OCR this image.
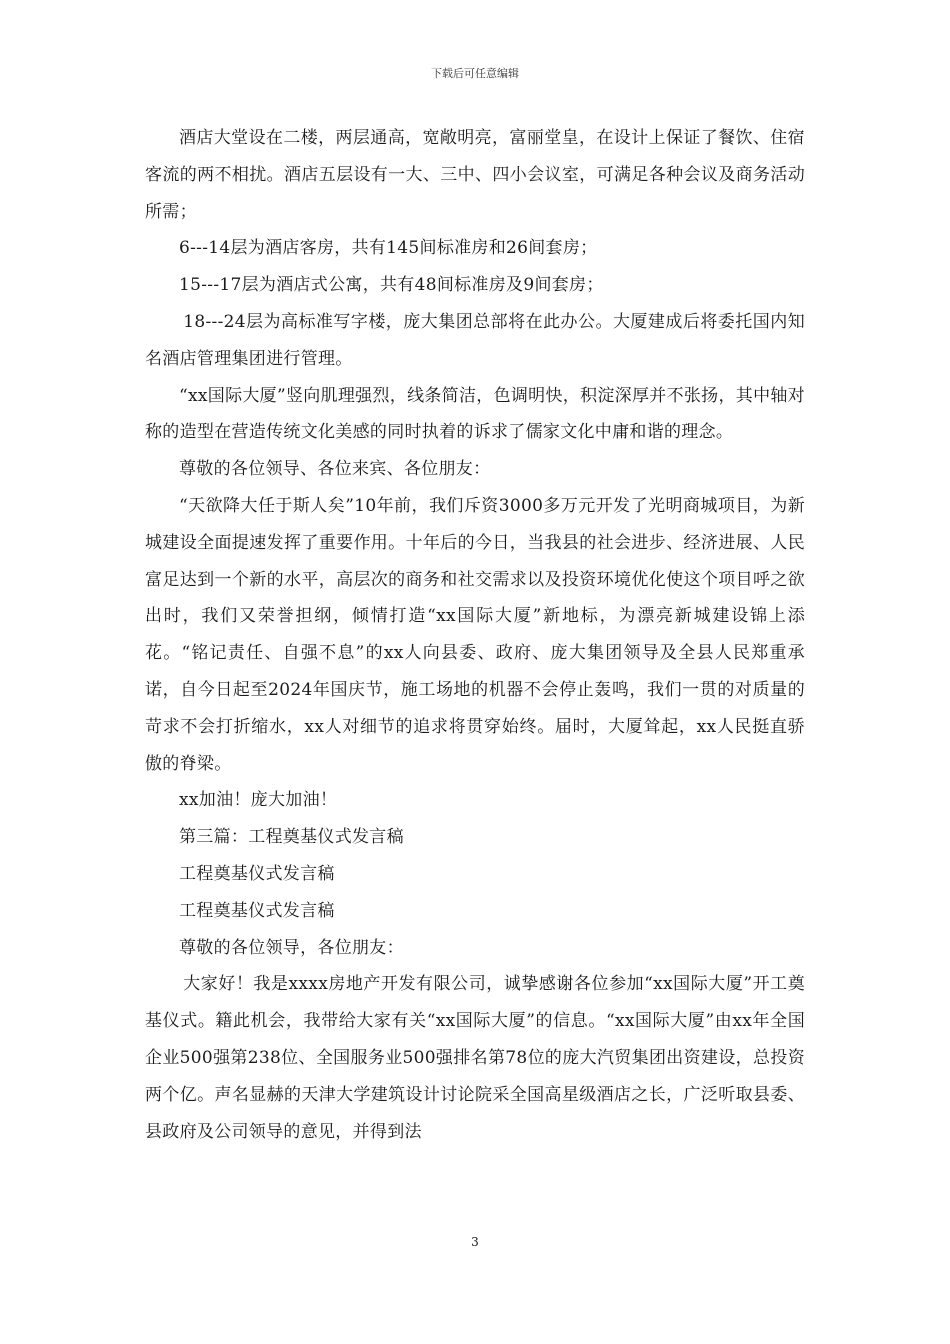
下载后可任意编辑

酒店大堂设在二楼，两层通高，宽敞明亮，富丽堂皇，在设计上保证了餐饮、住宿客流的两不相扰。酒店五层设有一大、三中、四小会议室，可满足各种会议及商务活动所需；

6---14层为酒店客房，共有145间标准房和26间套房；

15---17层为酒店式公寓，共有48间标准房及9间套房；

18---24层为高标准写字楼，庞大集团总部将在此办公。大厦建成后将委托国内知名酒店管理集团进行管理。

“xx国际大厦”竖向肌理强烈，线条简洁，色调明快，积淀深厚并不张扬，其中轴对称的造型在营造传统文化美感的同时执着的诉求了儒家文化中庸和谐的理念。

尊敬的各位领导、各位来宾、各位朋友：

“天欲降大任于斯人矣”10年前，我们斥资3000多万元开发了光明商城项目，为新城建设全面提速发挥了重要作用。十年后的今日，当我县的社会进步、经济进展、人民富足达到一个新的水平，高层次的商务和社交需求以及投资环境优化使这个项目呼之欲出时，我们又荣誉担纲，倾情打造“xx国际大厦”新地标，为漂亮新城建设锦上添花。“铭记责任、自强不息”的xx人向县委、政府、庞大集团领导及全县人民郑重承诺，自今日起至2024年国庆节，施工场地的机器不会停止轰鸣，我们一贯的对质量的苛求不会打折缩水，xx人对细节的追求将贯穿始终。届时，大厦耸起，xx人民挺直骄傲的脊梁。

xx加油！庞大加油！

第三篇：工程奠基仪式发言稿

工程奠基仪式发言稿

工程奠基仪式发言稿

尊敬的各位领导，各位朋友：

大家好！我是xxxx房地产开发有限公司，诚挚感谢各位参加“xx国际大厦”开工奠基仪式。籍此机会，我带给大家有关“xx国际大厦”的信息。“xx国际大厦”由xx年全国企业500强第238位、全国服务业500强排名第78位的庞大汽贸集团出资建设，总投资两个亿。声名显赫的天津大学建筑设计讨论院采全国高星级酒店之长，广泛听取县委、县政府及公司领导的意见，并得到法

3
